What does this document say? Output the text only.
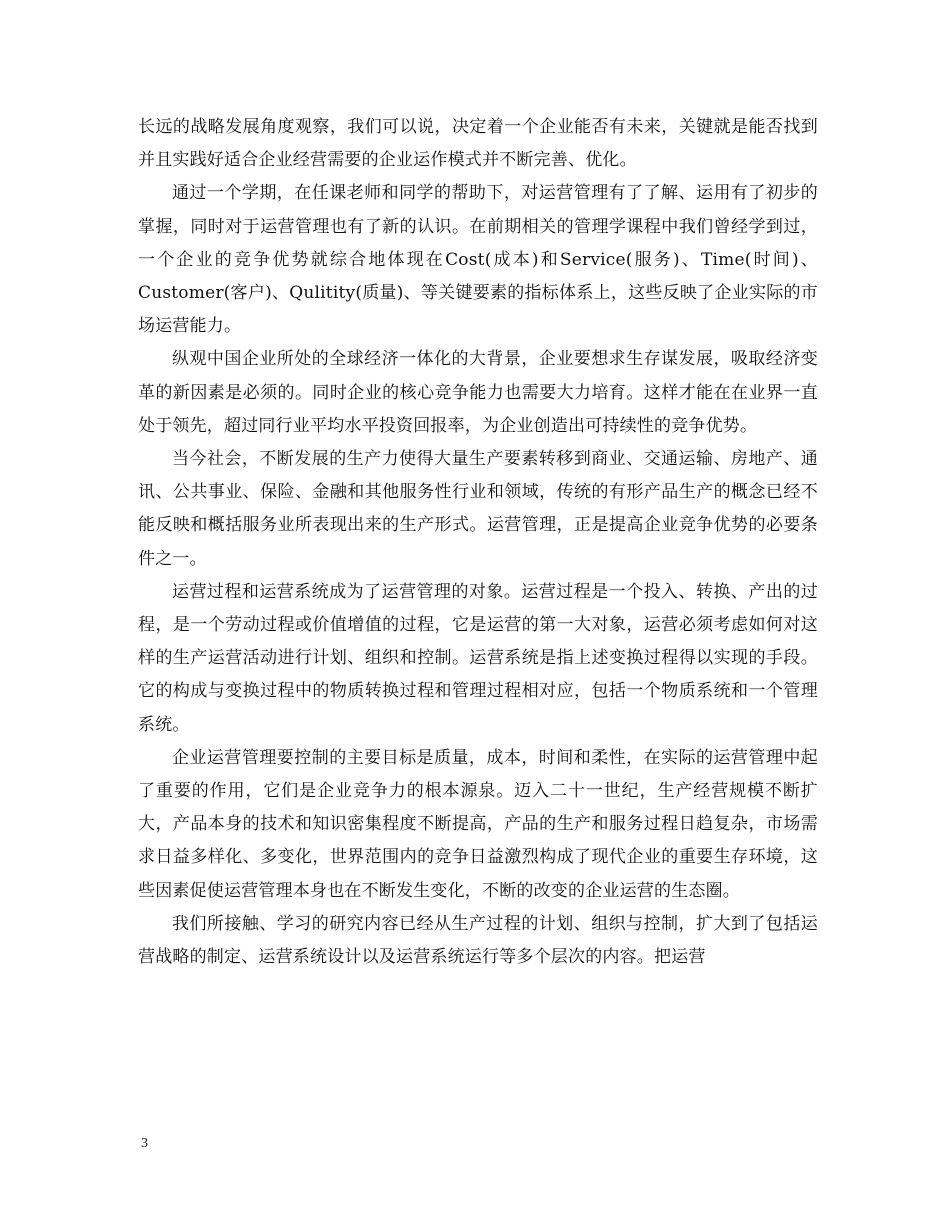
长远的战略发展角度观察，我们可以说，决定着一个企业能否有未来，关键就是能否找到并且实践好适合企业经营需要的企业运作模式并不断完善、优化。

通过一个学期，在任课老师和同学的帮助下，对运营管理有了了解、运用有了初步的掌握，同时对于运营管理也有了新的认识。在前期相关的管理学课程中我们曾经学到过，一个企业的竞争优势就综合地体现在Cost(成本)和Service(服务)、Time(时间)、Customer(客户)、Qulitity(质量)、等关键要素的指标体系上，这些反映了企业实际的市场运营能力。

纵观中国企业所处的全球经济一体化的大背景，企业要想求生存谋发展，吸取经济变革的新因素是必须的。同时企业的核心竞争能力也需要大力培育。这样才能在在业界一直处于领先，超过同行业平均水平投资回报率，为企业创造出可持续性的竞争优势。

当今社会，不断发展的生产力使得大量生产要素转移到商业、交通运输、房地产、通讯、公共事业、保险、金融和其他服务性行业和领域，传统的有形产品生产的概念已经不能反映和概括服务业所表现出来的生产形式。运营管理，正是提高企业竞争优势的必要条件之一。

运营过程和运营系统成为了运营管理的对象。运营过程是一个投入、转换、产出的过程，是一个劳动过程或价值增值的过程，它是运营的第一大对象，运营必须考虑如何对这样的生产运营活动进行计划、组织和控制。运营系统是指上述变换过程得以实现的手段。它的构成与变换过程中的物质转换过程和管理过程相对应，包括一个物质系统和一个管理系统。

企业运营管理要控制的主要目标是质量，成本，时间和柔性，在实际的运营管理中起了重要的作用，它们是企业竞争力的根本源泉。迈入二十一世纪，生产经营规模不断扩大，产品本身的技术和知识密集程度不断提高，产品的生产和服务过程日趋复杂，市场需求日益多样化、多变化，世界范围内的竞争日益激烈构成了现代企业的重要生存环境，这些因素促使运营管理本身也在不断发生变化，不断的改变的企业运营的生态圈。

我们所接触、学习的研究内容已经从生产过程的计划、组织与控制，扩大到了包括运营战略的制定、运营系统设计以及运营系统运行等多个层次的内容。把运营

3
